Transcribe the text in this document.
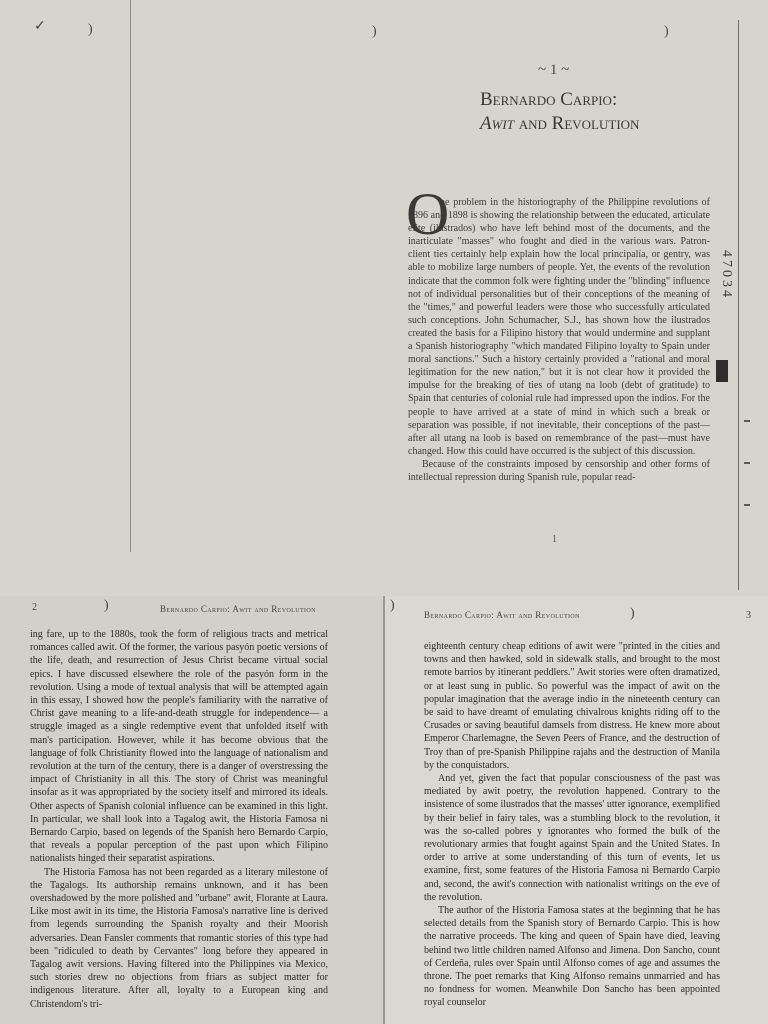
✓	)	)	)
~ 1 ~
Bernardo Carpio:
Awit and Revolution
O

ne problem in the historiography of the Philippine revolutions of 1896 and 1898 is showing the relationship between the educated, articulate elite (ilustrados) who have left behind most of the documents, and the inarticulate "masses" who fought and died in the various wars. Patron-client ties certainly help explain how the local principalía, or gentry, was able to mobilize large numbers of people. Yet, the events of the revolution indicate that the common folk were fighting under the "blinding" influence not of individual personalities but of their conceptions of the meaning of the "times," and powerful leaders were those who successfully articulated such conceptions. John Schumacher, S.J., has shown how the ilustrados created the basis for a Filipino history that would undermine and supplant a Spanish historiography "which mandated Filipino loyalty to Spain under moral sanctions." Such a history certainly provided a "rational and moral legitimation for the new nation," but it is not clear how it provided the impulse for the breaking of ties of utang na loob (debt of gratitude) to Spain that centuries of colonial rule had impressed upon the indios. For the people to have arrived at a state of mind in which such a break or separation was possible, if not inevitable, their conceptions of the past—after all utang na loob is based on remembrance of the past—must have changed. How this could have occurred is the subject of this discussion.

Because of the constraints imposed by censorship and other forms of intellectual repression during Spanish rule, popular read-

1
47034
2	Bernardo Carpio: Awit and Revolution
)

ing fare, up to the 1880s, took the form of religious tracts and metrical romances called awit. Of the former, the various pasyón poetic versions of the life, death, and resurrection of Jesus Christ became virtual social epics. I have discussed elsewhere the role of the pasyón form in the revolution. Using a mode of textual analysis that will be attempted again in this essay, I showed how the people's familiarity with the narrative of Christ gave meaning to a life-and-death struggle for independence— a struggle imaged as a single redemptive event that unfolded itself with man's participation. However, while it has become obvious that the language of folk Christianity flowed into the language of nationalism and revolution at the turn of the century, there is a danger of overstressing the impact of Christianity in all this. The story of Christ was meaningful insofar as it was appropriated by the society itself and mirrored its ideals. Other aspects of Spanish colonial influence can be examined in this light. In particular, we shall look into a Tagalog awit, the Historia Famosa ni Bernardo Carpio, based on legends of the Spanish hero Bernardo Carpio, that reveals a popular perception of the past upon which Filipino nationalists hinged their separatist aspirations.

The Historia Famosa has not been regarded as a literary milestone of the Tagalogs. Its authorship remains unknown, and it has been overshadowed by the more polished and "urbane" awit, Florante at Laura. Like most awit in its time, the Historia Famosa's narrative line is derived from legends surrounding the Spanish royalty and their Moorish adversaries. Dean Fansler comments that romantic stories of this type had been "ridiculed to death by Cervantes" long before they appeared in Tagalog awit versions. Having filtered into the Philippines via Mexico, such stories drew no objections from friars as subject matter for indigenous literature. After all, loyalty to a European king and Christendom's tri-

)
Bernardo Carpio: Awit and Revolution	)	3

eighteenth century cheap editions of awit were "printed in the cities and towns and then hawked, sold in sidewalk stalls, and brought to the most remote barrios by itinerant peddlers." Awit stories were often dramatized, or at least sung in public. So powerful was the impact of awit on the popular imagination that the average indio in the nineteenth century can be said to have dreamt of emulating chivalrous knights riding off to the Crusades or saving beautiful damsels from distress. He knew more about Emperor Charlemagne, the Seven Peers of France, and the destruction of Troy than of pre-Spanish Philippine rajahs and the destruction of Manila by the conquistadors.

And yet, given the fact that popular consciousness of the past was mediated by awit poetry, the revolution happened. Contrary to the insistence of some ilustrados that the masses' utter ignorance, exemplified by their belief in fairy tales, was a stumbling block to the revolution, it was the so-called pobres y ignorantes who formed the bulk of the revolutionary armies that fought against Spain and the United States. In order to arrive at some understanding of this turn of events, let us examine, first, some features of the Historia Famosa ni Bernardo Carpio and, second, the awit's connection with nationalist writings on the eve of the revolution.

The author of the Historia Famosa states at the beginning that he has selected details from the Spanish story of Bernardo Carpio. This is how the narrative proceeds. The king and queen of Spain have died, leaving behind two little children named Alfonso and Jimena. Don Sancho, count of Cerdeña, rules over Spain until Alfonso comes of age and assumes the throne. The poet remarks that King Alfonso remains unmarried and has no fondness for women. Meanwhile Don Sancho has been appointed royal counselor
